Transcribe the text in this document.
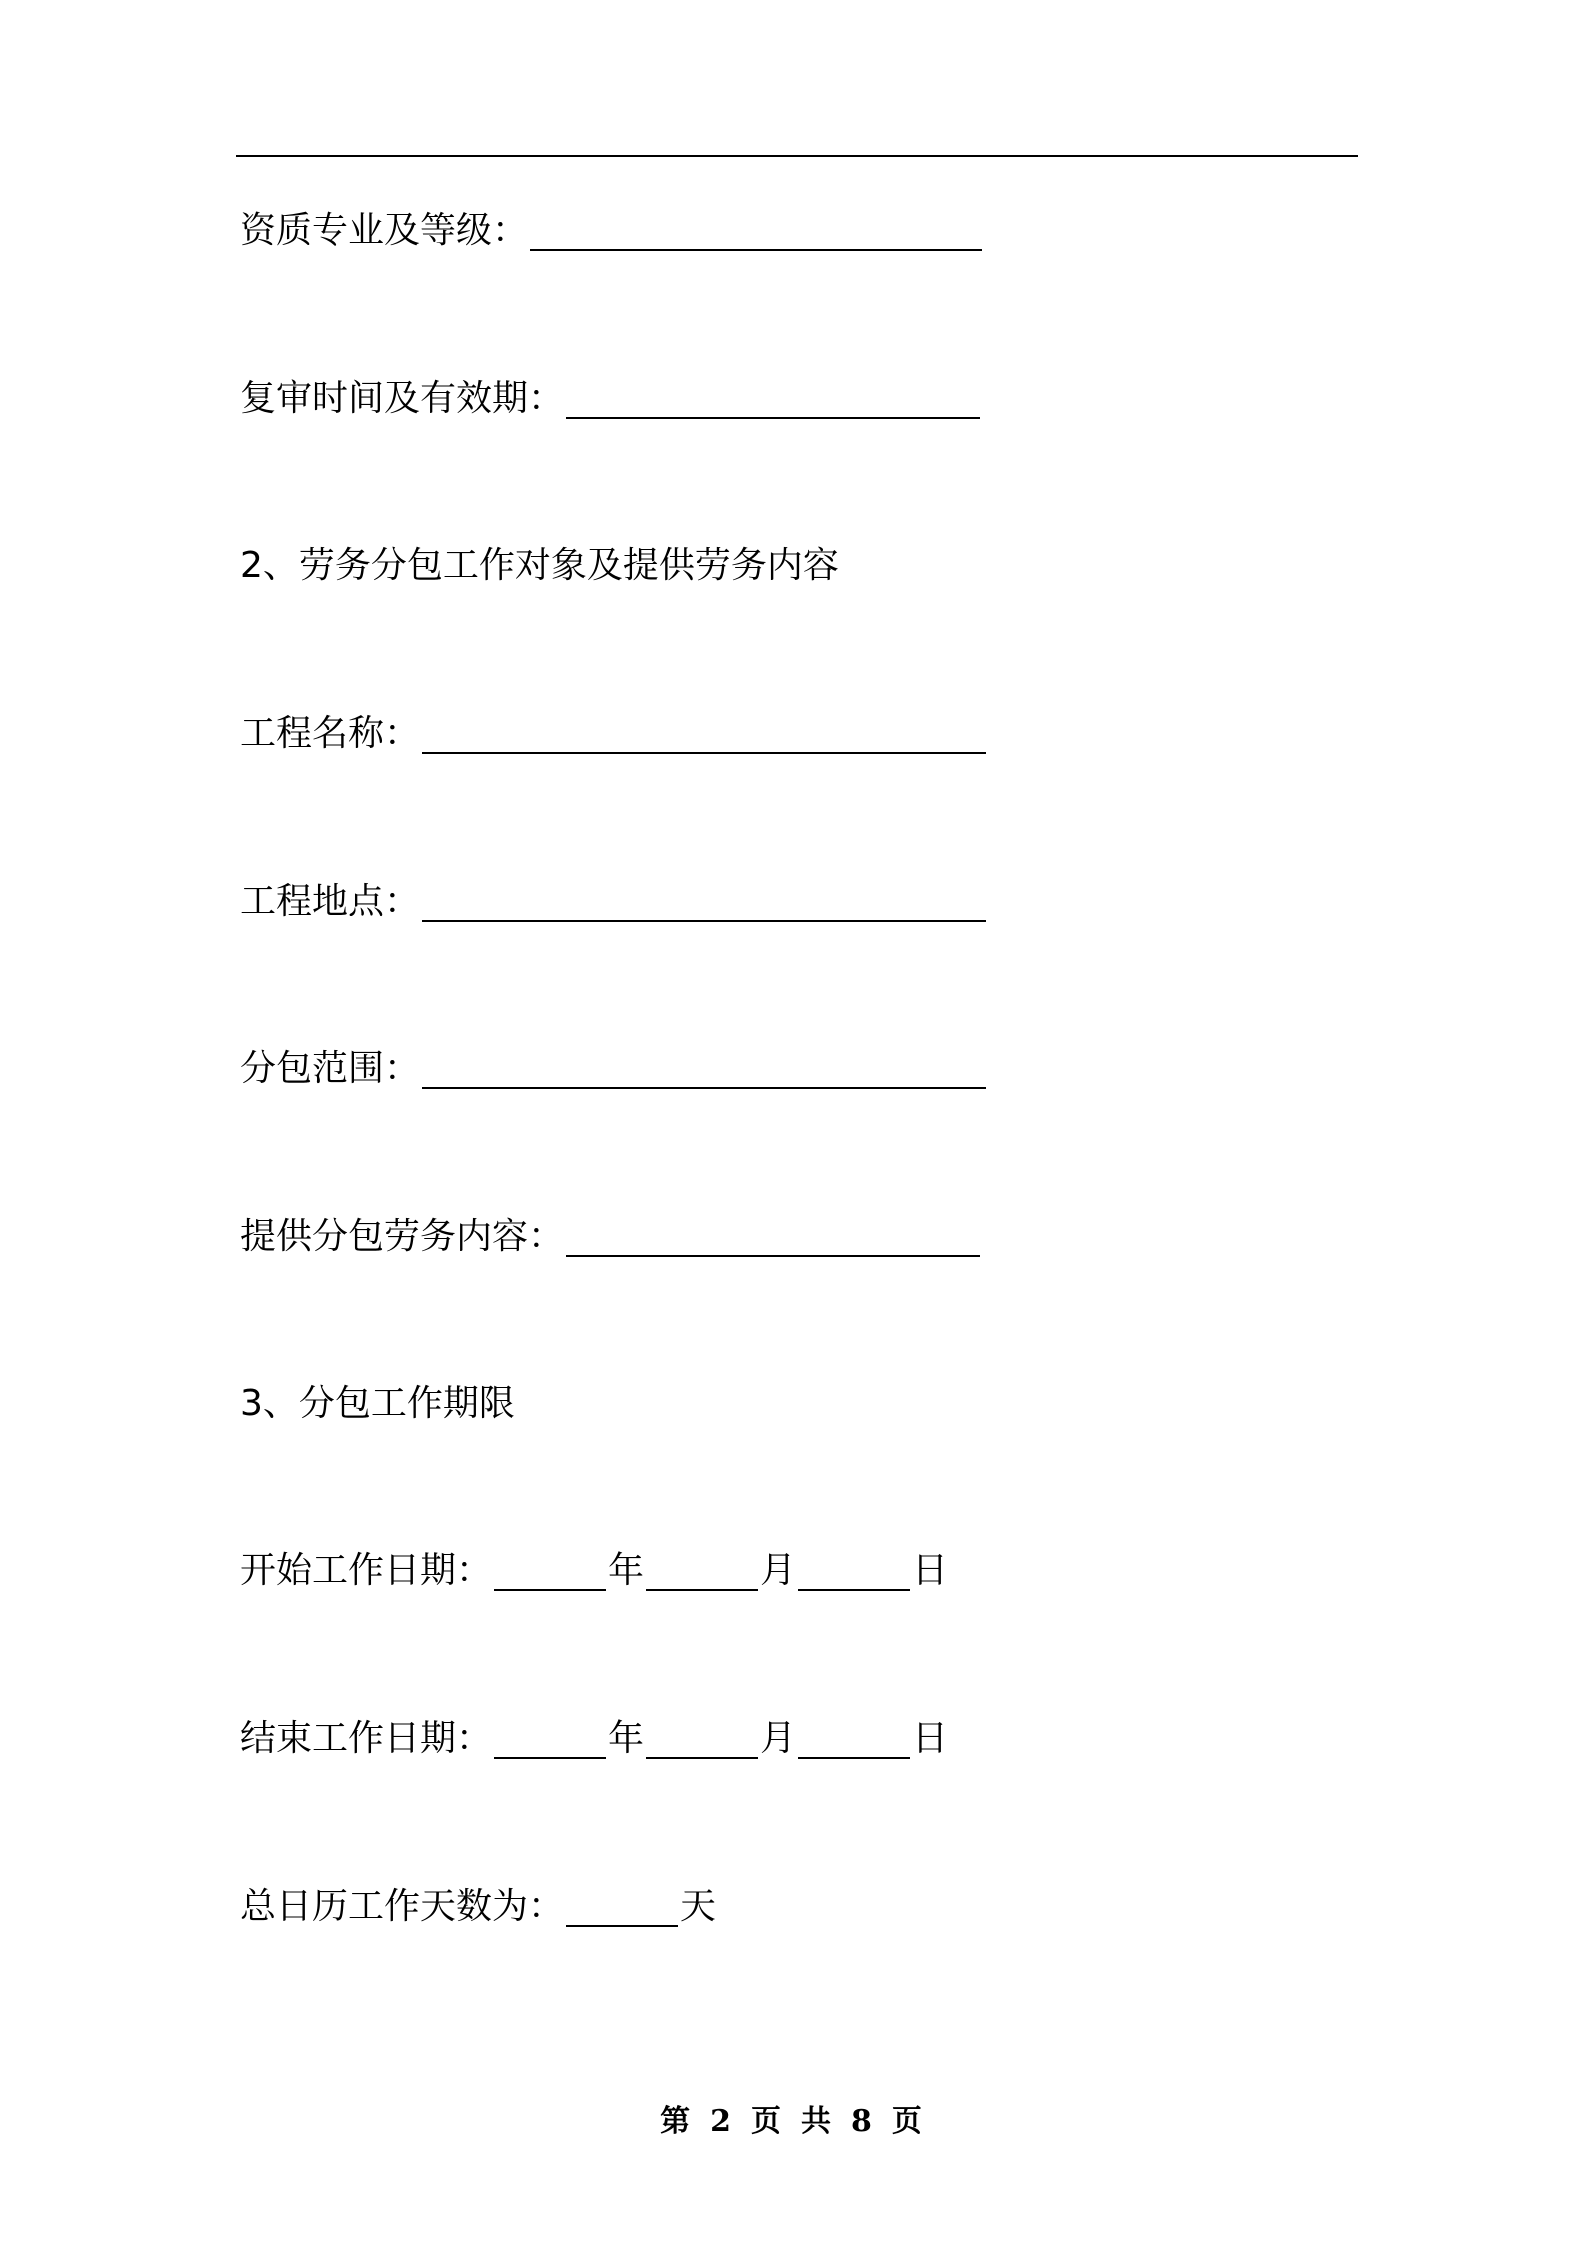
资质专业及等级：
复审时间及有效期：
2、劳务分包工作对象及提供劳务内容
工程名称：
工程地点：
分包范围：
提供分包劳务内容：
3、分包工作期限
开始工作日期：	年	月	日
结束工作日期：	年	月	日
总日历工作天数为：	天
第 2 页 共 8 页
